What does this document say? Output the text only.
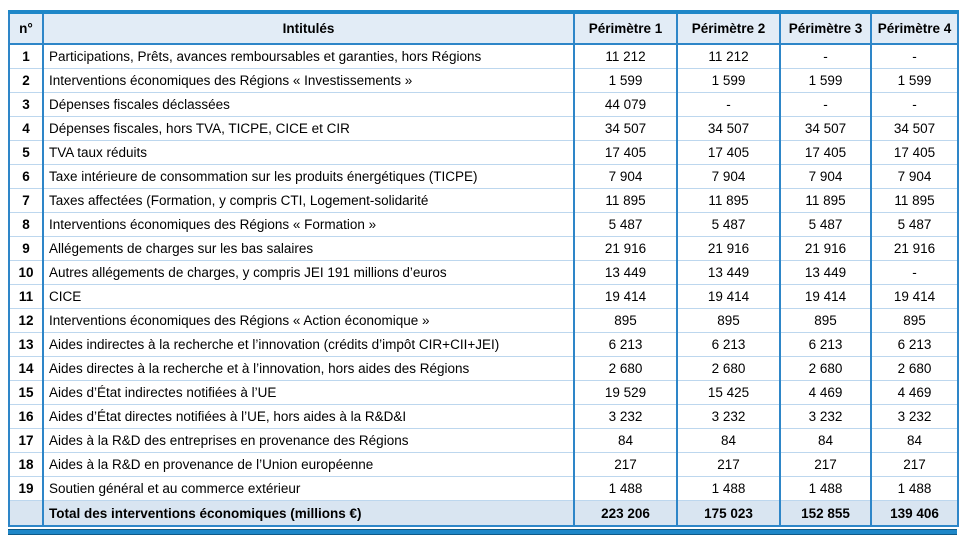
n°	Intitulés	Périmètre 1	Périmètre 2	Périmètre 3	Périmètre 4
1	Participations, Prêts, avances remboursables et garanties, hors Régions	11 212	11 212	-	-
2	Interventions économiques des Régions « Investissements »	1 599	1 599	1 599	1 599
3	Dépenses fiscales déclassées	44 079	-	-	-
4	Dépenses fiscales, hors TVA, TICPE, CICE et CIR	34 507	34 507	34 507	34 507
5	TVA taux réduits	17 405	17 405	17 405	17 405
6	Taxe intérieure de consommation sur les produits énergétiques (TICPE)	7 904	7 904	7 904	7 904
7	Taxes affectées (Formation, y compris CTI, Logement-solidarité	11 895	11 895	11 895	11 895
8	Interventions économiques des Régions « Formation »	5 487	5 487	5 487	5 487
9	Allégements de charges sur les bas salaires	21 916	21 916	21 916	21 916
10	Autres allégements de charges, y compris JEI 191 millions d’euros	13 449	13 449	13 449	-
11	CICE	19 414	19 414	19 414	19 414
12	Interventions économiques des Régions « Action économique »	895	895	895	895
13	Aides indirectes à la recherche et l’innovation (crédits d’impôt CIR+CII+JEI)	6 213	6 213	6 213	6 213
14	Aides directes à la recherche et à l’innovation, hors aides des Régions	2 680	2 680	2 680	2 680
15	Aides d’État indirectes notifiées à l’UE	19 529	15 425	4 469	4 469
16	Aides d’État directes notifiées à l’UE, hors aides à la R&D&I	3 232	3 232	3 232	3 232
17	Aides à la R&D des entreprises en provenance des Régions	84	84	84	84
18	Aides à la R&D en provenance de l’Union européenne	217	217	217	217
19	Soutien général et au commerce extérieur	1 488	1 488	1 488	1 488
	Total des interventions économiques (millions €)	223 206	175 023	152 855	139 406
